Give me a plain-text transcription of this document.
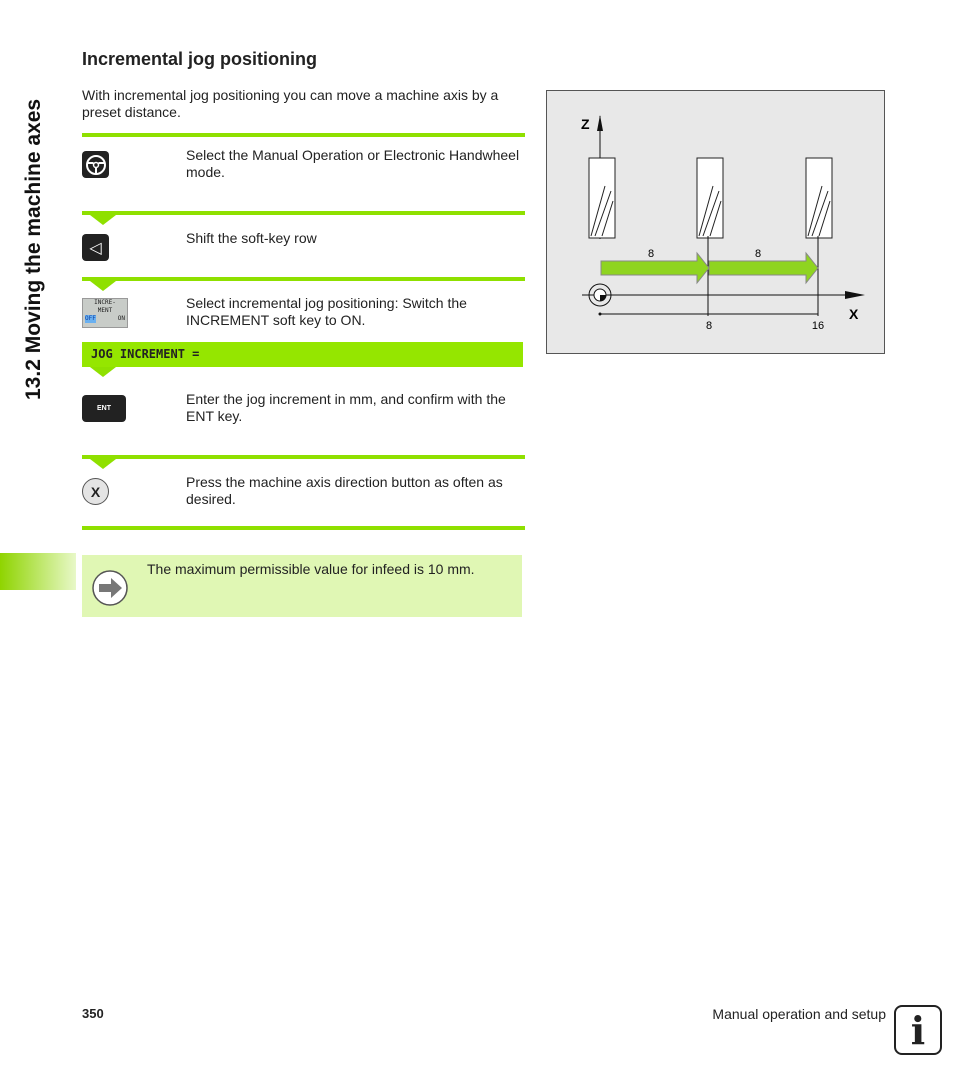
13.2 Moving the machine axes
Incremental jog positioning
With incremental jog positioning you can move a machine axis by a preset distance.
Select the Manual Operation or Electronic Handwheel mode.
◁
Shift the soft-key row
INCRE-
MENT
OFF	ON
Select incremental jog positioning: Switch the INCREMENT soft key to ON.
JOG INCREMENT =
ENT
Enter the jog increment in mm, and confirm with the ENT key.
X
Press the machine axis direction button as often as desired.
The maximum permissible value for infeed is 10 mm.
Z
8	8
X
8	16
350	Manual operation and setup i
